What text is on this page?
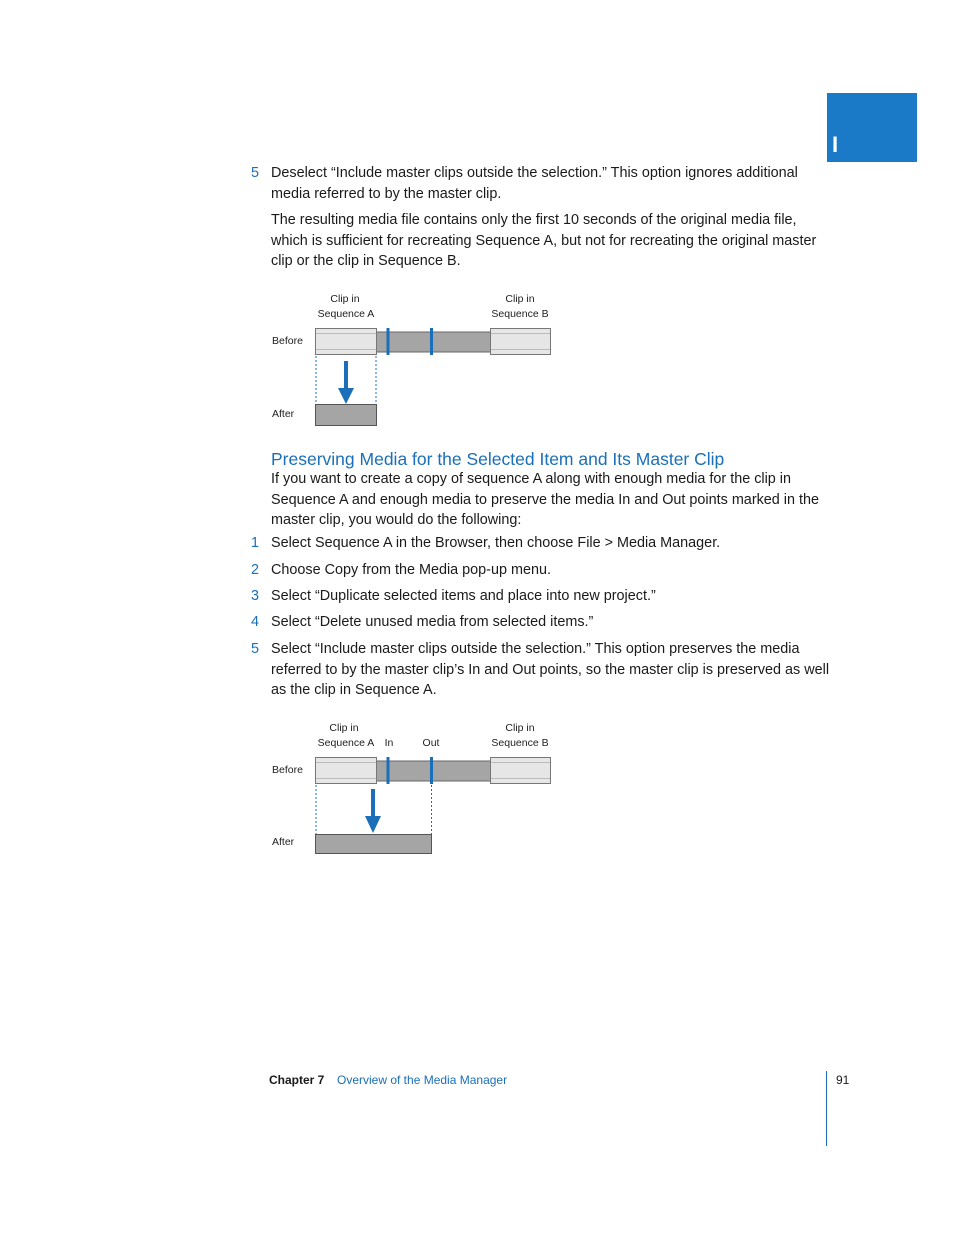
I
5 Deselect “Include master clips outside the selection.” This option ignores additional media referred to by the master clip.

The resulting media file contains only the first 10 seconds of the original media file, which is sufficient for recreating Sequence A, but not for recreating the original master clip or the clip in Sequence B.

Clip in
Sequence A
Clip in
Sequence B
Before
After
Preserving Media for the Selected Item and Its Master Clip

If you want to create a copy of sequence A along with enough media for the clip in Sequence A and enough media to preserve the media In and Out points marked in the master clip, you would do the following:

1 Select Sequence A in the Browser, then choose File > Media Manager.

2 Choose Copy from the Media pop-up menu.

3 Select “Duplicate selected items and place into new project.”

4 Select “Delete unused media from selected items.”

5 Select “Include master clips outside the selection.” This option preserves the media referred to by the master clip’s In and Out points, so the master clip is preserved as well as the clip in Sequence A.

Clip in
Sequence A In	Out
Clip in
Sequence B
Before
After
Chapter 7 Overview of the Media Manager	91
